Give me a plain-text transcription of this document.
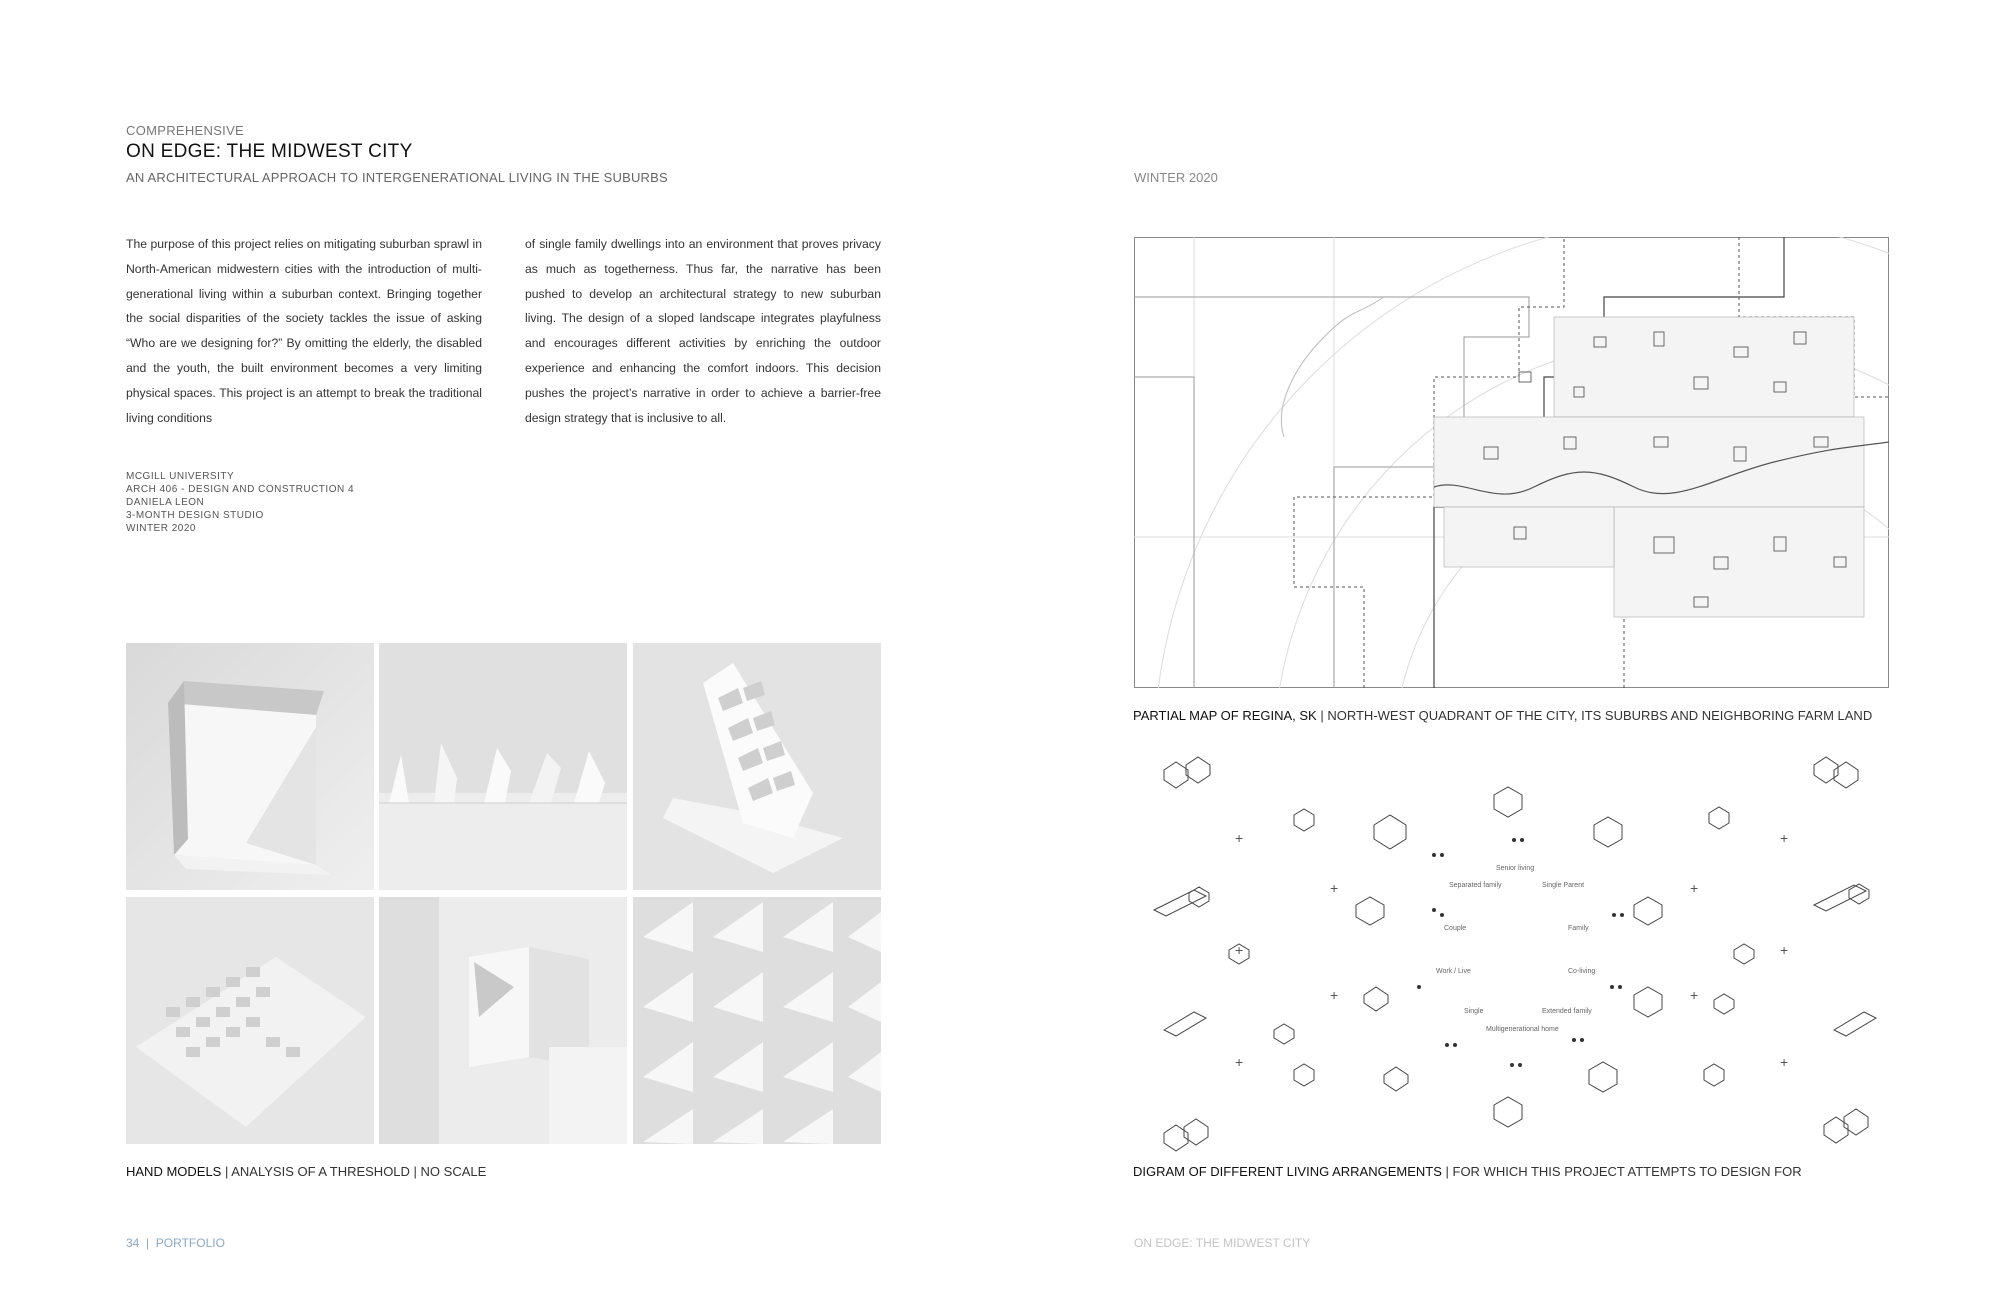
COMPREHENSIVE
ON EDGE: THE MIDWEST CITY
AN ARCHITECTURAL APPROACH TO INTERGENERATIONAL LIVING IN THE SUBURBS	WINTER 2020
The purpose of this project relies on mitigating suburban sprawl in North-American midwestern cities with the introduction of multi-generational living within a suburban context. Bringing together the social disparities of the society tackles the issue of asking “Who are we designing for?” By omitting the elderly, the disabled and the youth, the built environment becomes a very limiting physical spaces. This project is an attempt to break the traditional living conditions
of single family dwellings into an environment that proves privacy as much as togetherness. Thus far, the narrative has been pushed to develop an architectural strategy to new suburban living. The design of a sloped landscape integrates playfulness and encourages different activities by enriching the outdoor experience and enhancing the comfort indoors. This decision pushes the project’s narrative in order to achieve a barrier-free design strategy that is inclusive to all.
MCGILL UNIVERSITY
ARCH 406 - DESIGN AND CONSTRUCTION 4
DANIELA LEON
3-MONTH DESIGN STUDIO
WINTER 2020
HAND MODELS | ANALYSIS OF A THRESHOLD | NO SCALE
PARTIAL MAP OF REGINA, SK | NORTH-WEST QUADRANT OF THE CITY, ITS SUBURBS AND NEIGHBORING FARM LAND
+
+
+
+
+
+
+
+
+
+
Senior living
Separated family	Single Parent
Couple	Family
Work / Live	Co-living
Single	Extended family
Multigenerational home
DIGRAM OF DIFFERENT LIVING ARRANGEMENTS | FOR WHICH THIS PROJECT ATTEMPTS TO DESIGN FOR
34  |  PORTFOLIO	ON EDGE: THE MIDWEST CITY
